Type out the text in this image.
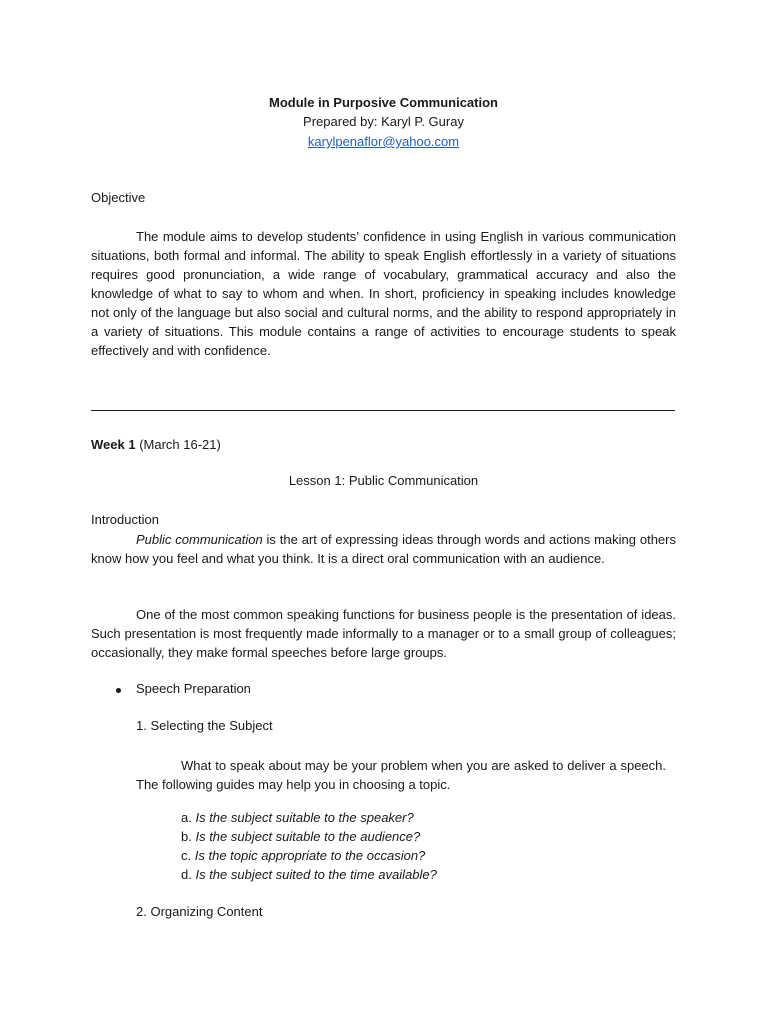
Module in Purposive Communication
Prepared by: Karyl P. Guray
karylpenaflor@yahoo.com
Objective
The module aims to develop students’ confidence in using English in various communication situations, both formal and informal. The ability to speak English effortlessly in a variety of situations requires good pronunciation, a wide range of vocabulary, grammatical accuracy and also the knowledge of what to say to whom and when. In short, proficiency in speaking includes knowledge not only of the language but also social and cultural norms, and the ability to respond appropriately in a variety of situations. This module contains a range of activities to encourage students to speak effectively and with confidence.
Week 1 (March 16-21)
Lesson 1: Public Communication
Introduction
Public communication is the art of expressing ideas through words and actions making others know how you feel and what you think. It is a direct oral communication with an audience.
One of the most common speaking functions for business people is the presentation of ideas. Such presentation is most frequently made informally to a manager or to a small group of colleagues; occasionally, they make formal speeches before large groups.
Speech Preparation
1. Selecting the Subject
What to speak about may be your problem when you are asked to deliver a speech. The following guides may help you in choosing a topic.
a. Is the subject suitable to the speaker?
b. Is the subject suitable to the audience?
c. Is the topic appropriate to the occasion?
d. Is the subject suited to the time available?
2. Organizing Content
